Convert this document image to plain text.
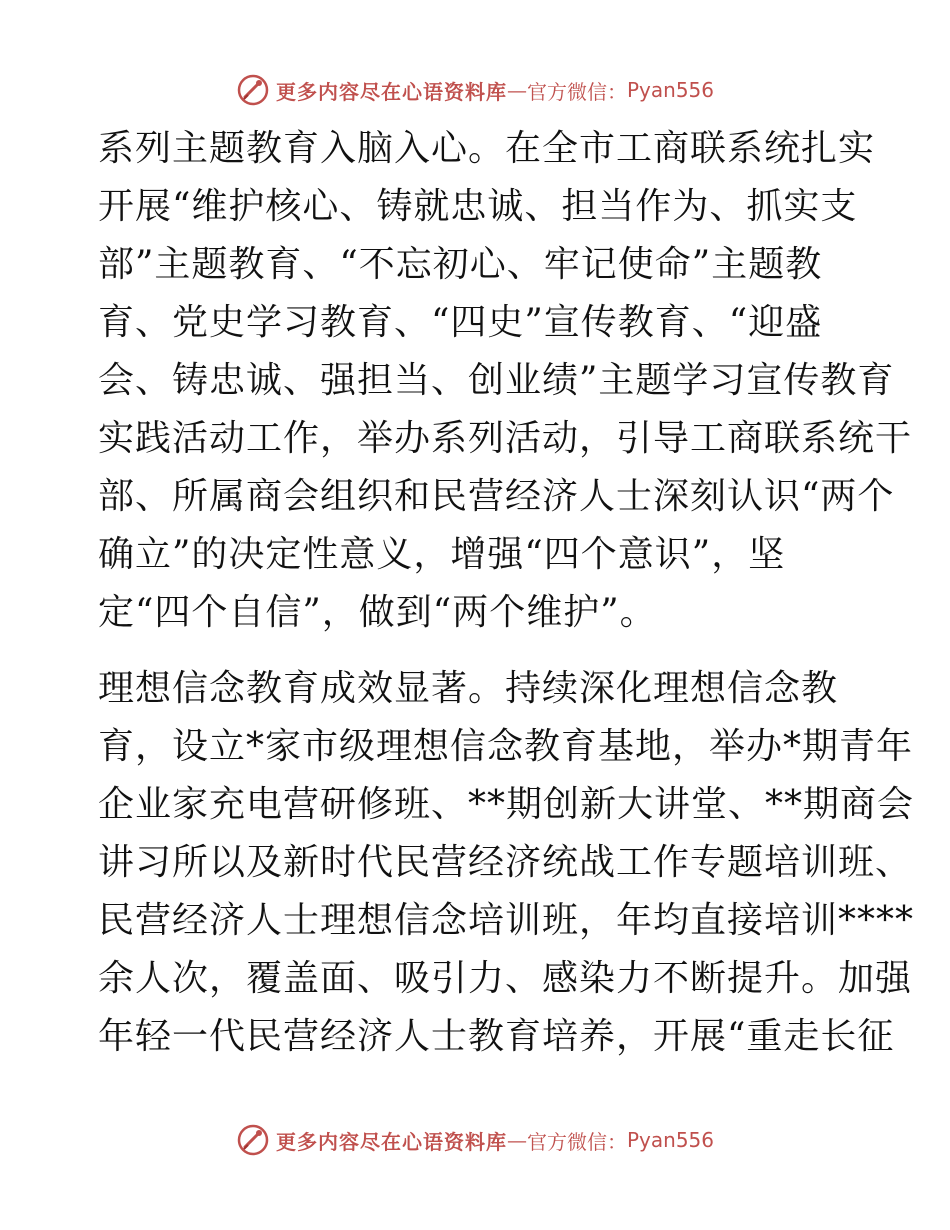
更多内容尽在心语资料库 — 官方微信： Pyan556
系列主题教育入脑入心。在全市工商联系统扎实
开展“维护核心、铸就忠诚、担当作为、抓实支
部”主题教育、“不忘初心、牢记使命”主题教
育、党史学习教育、“四史”宣传教育、“迎盛
会、铸忠诚、强担当、创业绩”主题学习宣传教育
实践活动工作，举办系列活动，引导工商联系统干
部、所属商会组织和民营经济人士深刻认识“两个
确立”的决定性意义，增强“四个意识”，坚
定“四个自信”，做到“两个维护”。
理想信念教育成效显著。持续深化理想信念教
育，设立*家市级理想信念教育基地，举办*期青年
企业家充电营研修班、**期创新大讲堂、**期商会
讲习所以及新时代民营经济统战工作专题培训班、
民营经济人士理想信念培训班，年均直接培训****
余人次，覆盖面、吸引力、感染力不断提升。加强
年轻一代民营经济人士教育培养，开展“重走长征
更多内容尽在心语资料库 — 官方微信： Pyan556
